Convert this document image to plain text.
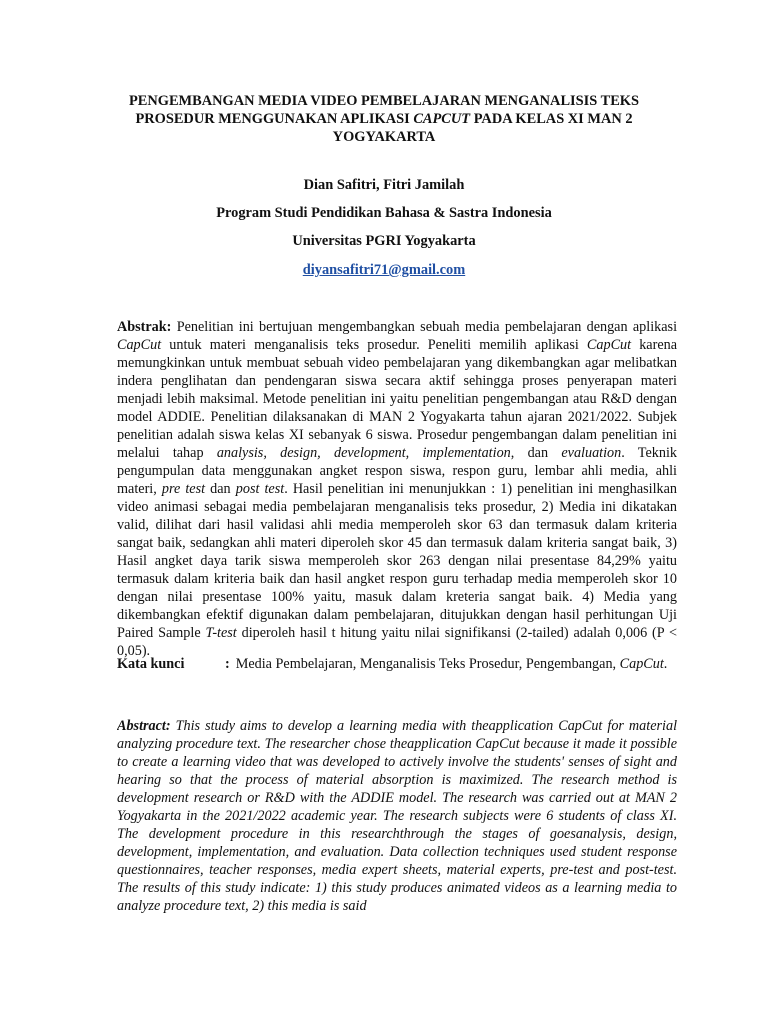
PENGEMBANGAN MEDIA VIDEO PEMBELAJARAN MENGANALISIS TEKS PROSEDUR MENGGUNAKAN APLIKASI CAPCUT PADA KELAS XI MAN 2 YOGYAKARTA
Dian Safitri, Fitri Jamilah
Program Studi Pendidikan Bahasa & Sastra Indonesia
Universitas PGRI Yogyakarta
diyansafitri71@gmail.com

Abstrak: Penelitian ini bertujuan mengembangkan sebuah media pembelajaran dengan aplikasi CapCut untuk materi menganalisis teks prosedur. Peneliti memilih aplikasi CapCut karena memungkinkan untuk membuat sebuah video pembelajaran yang dikembangkan agar melibatkan indera penglihatan dan pendengaran siswa secara aktif sehingga proses penyerapan materi menjadi lebih maksimal. Metode penelitian ini yaitu penelitian pengembangan atau R&D dengan model ADDIE. Penelitian dilaksanakan di MAN 2 Yogyakarta tahun ajaran 2021/2022. Subjek penelitian adalah siswa kelas XI sebanyak 6 siswa. Prosedur pengembangan dalam penelitian ini melalui tahap analysis, design, development, implementation, dan evaluation. Teknik pengumpulan data menggunakan angket respon siswa, respon guru, lembar ahli media, ahli materi, pre test dan post test. Hasil penelitian ini menunjukkan : 1) penelitian ini menghasilkan video animasi sebagai media pembelajaran menganalisis teks prosedur, 2) Media ini dikatakan valid, dilihat dari hasil validasi ahli media memperoleh skor 63 dan termasuk dalam kriteria sangat baik, sedangkan ahli materi diperoleh skor 45 dan termasuk dalam kriteria sangat baik, 3) Hasil angket daya tarik siswa memperoleh skor 263 dengan nilai presentase 84,29% yaitu termasuk dalam kriteria baik dan hasil angket respon guru terhadap media memperoleh skor 10 dengan nilai presentase 100% yaitu, masuk dalam kreteria sangat baik. 4) Media yang dikembangkan efektif digunakan dalam pembelajaran, ditujukkan dengan hasil perhitungan Uji Paired Sample T-test diperoleh hasil t hitung yaitu nilai signifikansi (2-tailed) adalah 0,006 (P < 0,05).

Kata kunci	: Media Pembelajaran, Menganalisis Teks Prosedur, Pengembangan, CapCut.

Abstract: This study aims to develop a learning media with theapplication CapCut for material analyzing procedure text. The researcher chose theapplication CapCut because it made it possible to create a learning video that was developed to actively involve the students' senses of sight and hearing so that the process of material absorption is maximized. The research method is development research or R&D with the ADDIE model. The research was carried out at MAN 2 Yogyakarta in the 2021/2022 academic year. The research subjects were 6 students of class XI. The development procedure in this researchthrough the stages of goesanalysis, design, development, implementation, and evaluation. Data collection techniques used student response questionnaires, teacher responses, media expert sheets, material experts, pre-test and post-test. The results of this study indicate: 1) this study produces animated videos as a learning media to analyze procedure text, 2) this media is said
